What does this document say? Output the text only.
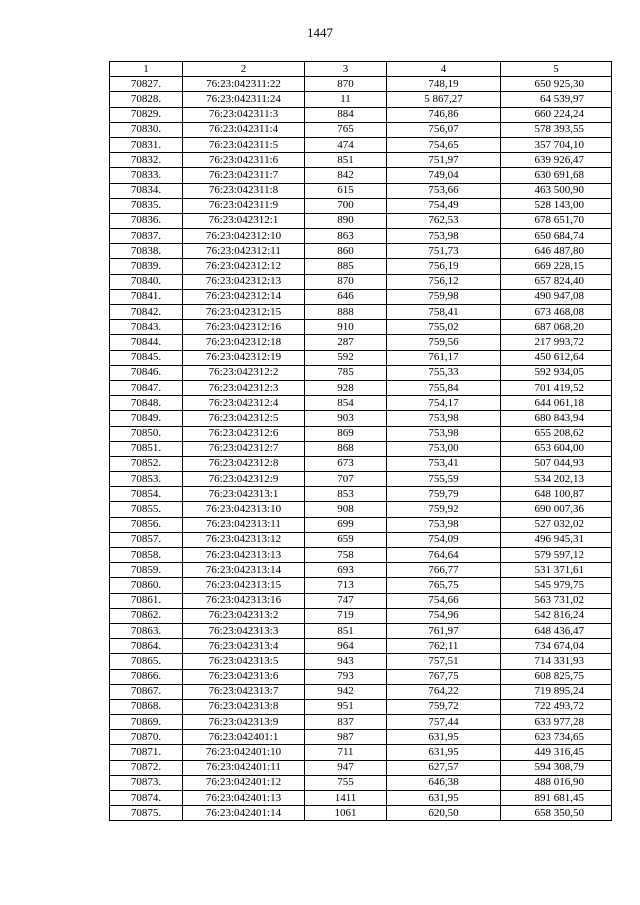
1447
1	2	3	4	5
70827.	76:23:042311:22	870	748,19	650 925,30
70828.	76:23:042311:24	11	5 867,27	64 539,97
70829.	76:23:042311:3	884	746,86	660 224,24
70830.	76:23:042311:4	765	756,07	578 393,55
70831.	76:23:042311:5	474	754,65	357 704,10
70832.	76:23:042311:6	851	751,97	639 926,47
70833.	76:23:042311:7	842	749,04	630 691,68
70834.	76:23:042311:8	615	753,66	463 500,90
70835.	76:23:042311:9	700	754,49	528 143,00
70836.	76:23:042312:1	890	762,53	678 651,70
70837.	76:23:042312:10	863	753,98	650 684,74
70838.	76:23:042312:11	860	751,73	646 487,80
70839.	76:23:042312:12	885	756,19	669 228,15
70840.	76:23:042312:13	870	756,12	657 824,40
70841.	76:23:042312:14	646	759,98	490 947,08
70842.	76:23:042312:15	888	758,41	673 468,08
70843.	76:23:042312:16	910	755,02	687 068,20
70844.	76:23:042312:18	287	759,56	217 993,72
70845.	76:23:042312:19	592	761,17	450 612,64
70846.	76:23:042312:2	785	755,33	592 934,05
70847.	76:23:042312:3	928	755,84	701 419,52
70848.	76:23:042312:4	854	754,17	644 061,18
70849.	76:23:042312:5	903	753,98	680 843,94
70850.	76:23:042312:6	869	753,98	655 208,62
70851.	76:23:042312:7	868	753,00	653 604,00
70852.	76:23:042312:8	673	753,41	507 044,93
70853.	76:23:042312:9	707	755,59	534 202,13
70854.	76:23:042313:1	853	759,79	648 100,87
70855.	76:23:042313:10	908	759,92	690 007,36
70856.	76:23:042313:11	699	753,98	527 032,02
70857.	76:23:042313:12	659	754,09	496 945,31
70858.	76:23:042313:13	758	764,64	579 597,12
70859.	76:23:042313:14	693	766,77	531 371,61
70860.	76:23:042313:15	713	765,75	545 979,75
70861.	76:23:042313:16	747	754,66	563 731,02
70862.	76:23:042313:2	719	754,96	542 816,24
70863.	76:23:042313:3	851	761,97	648 436,47
70864.	76:23:042313:4	964	762,11	734 674,04
70865.	76:23:042313:5	943	757,51	714 331,93
70866.	76:23:042313:6	793	767,75	608 825,75
70867.	76:23:042313:7	942	764,22	719 895,24
70868.	76:23:042313:8	951	759,72	722 493,72
70869.	76:23:042313:9	837	757,44	633 977,28
70870.	76:23:042401:1	987	631,95	623 734,65
70871.	76:23:042401:10	711	631,95	449 316,45
70872.	76:23:042401:11	947	627,57	594 308,79
70873.	76:23:042401:12	755	646,38	488 016,90
70874.	76:23:042401:13	1411	631,95	891 681,45
70875.	76:23:042401:14	1061	620,50	658 350,50
